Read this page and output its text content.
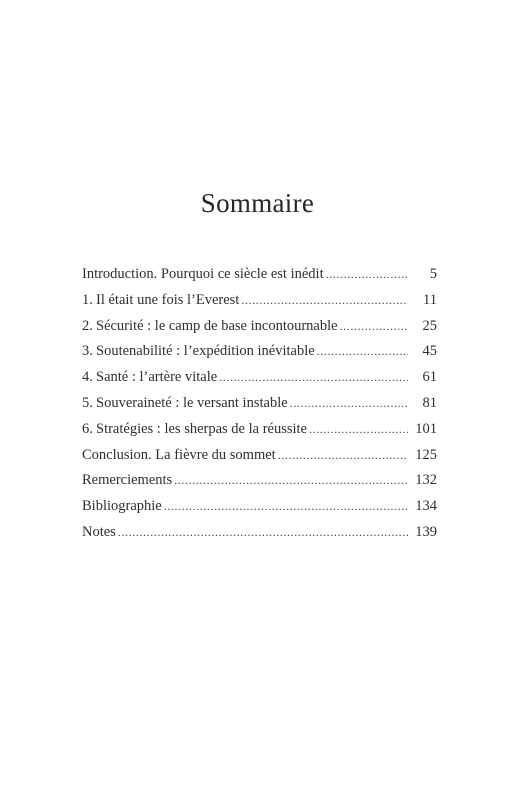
Sommaire
Introduction. Pourquoi ce siècle est inédit .....	5
1. Il était une fois l’Everest .....	11
2. Sécurité : le camp de base incontournable .....	25
3. Soutenabilité : l’expédition inévitable .....	45
4. Santé : l’artère vitale .....	61
5. Souveraineté : le versant instable .....	81
6. Stratégies : les sherpas de la réussite .....	101
Conclusion. La fièvre du sommet .....	125
Remerciements .....	132
Bibliographie .....	134
Notes .....	139
